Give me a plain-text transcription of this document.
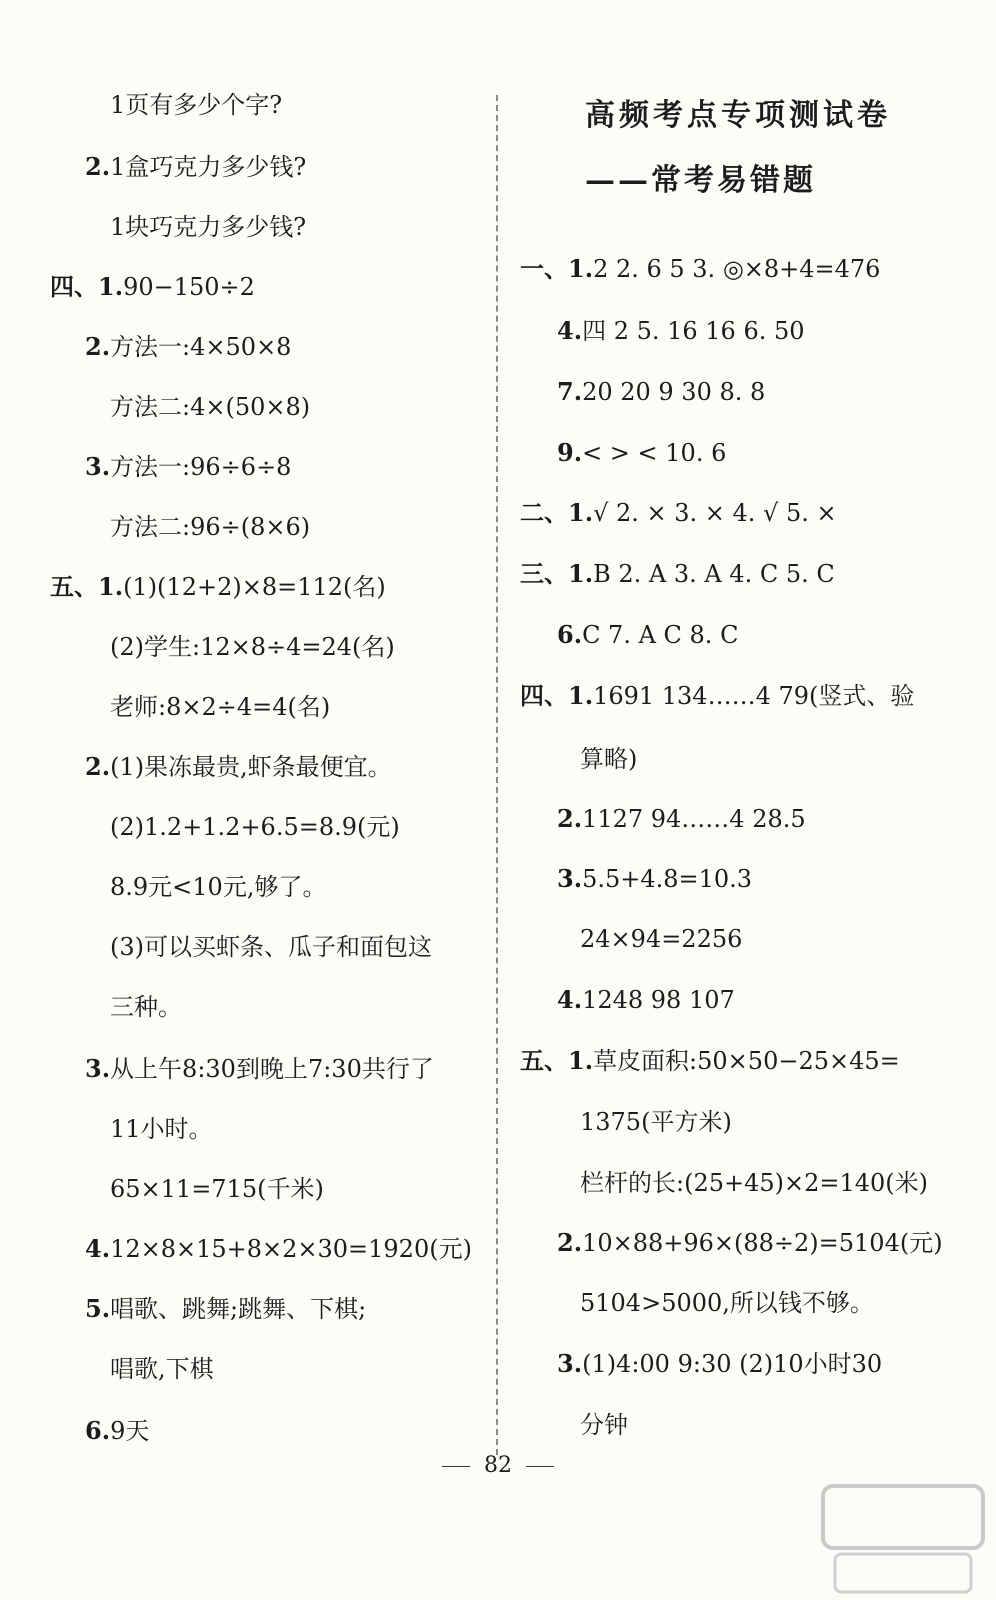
1页有多少个字?
2.1盒巧克力多少钱?
1块巧克力多少钱?
四、1.90−150÷2
2.方法一:4×50×8
方法二:4×(50×8)
3.方法一:96÷6÷8
方法二:96÷(8×6)
五、1.(1)(12+2)×8=112(名)
(2)学生:12×8÷4=24(名)
老师:8×2÷4=4(名)
2.(1)果冻最贵,虾条最便宜。
(2)1.2+1.2+6.5=8.9(元)
8.9元<10元,够了。
(3)可以买虾条、瓜子和面包这
三种。
3.从上午8:30到晚上7:30共行了
11小时。
65×11=715(千米)
4.12×8×15+8×2×30=1920(元)
5.唱歌、跳舞;跳舞、下棋;
唱歌,下棋
6.9天
高频考点专项测试卷
——常考易错题
一、1.2 2. 6 5 3. ◎×8+4=476
4.四 2 5. 16 16 6. 50
7.20 20 9 30 8. 8
9.< > < 10. 6
二、1.√ 2. × 3. × 4. √ 5. ×
三、1.B 2. A 3. A 4. C 5. C
6.C 7. A C 8. C
四、1.1691 134……4 79(竖式、验
算略)
2.1127 94……4 28.5
3.5.5+4.8=10.3
24×94=2256
4.1248 98 107
五、1.草皮面积:50×50−25×45=
1375(平方米)
栏杆的长:(25+45)×2=140(米)
2.10×88+96×(88÷2)=5104(元)
5104>5000,所以钱不够。
3.(1)4:00 9:30 (2)10小时30
分钟
82
